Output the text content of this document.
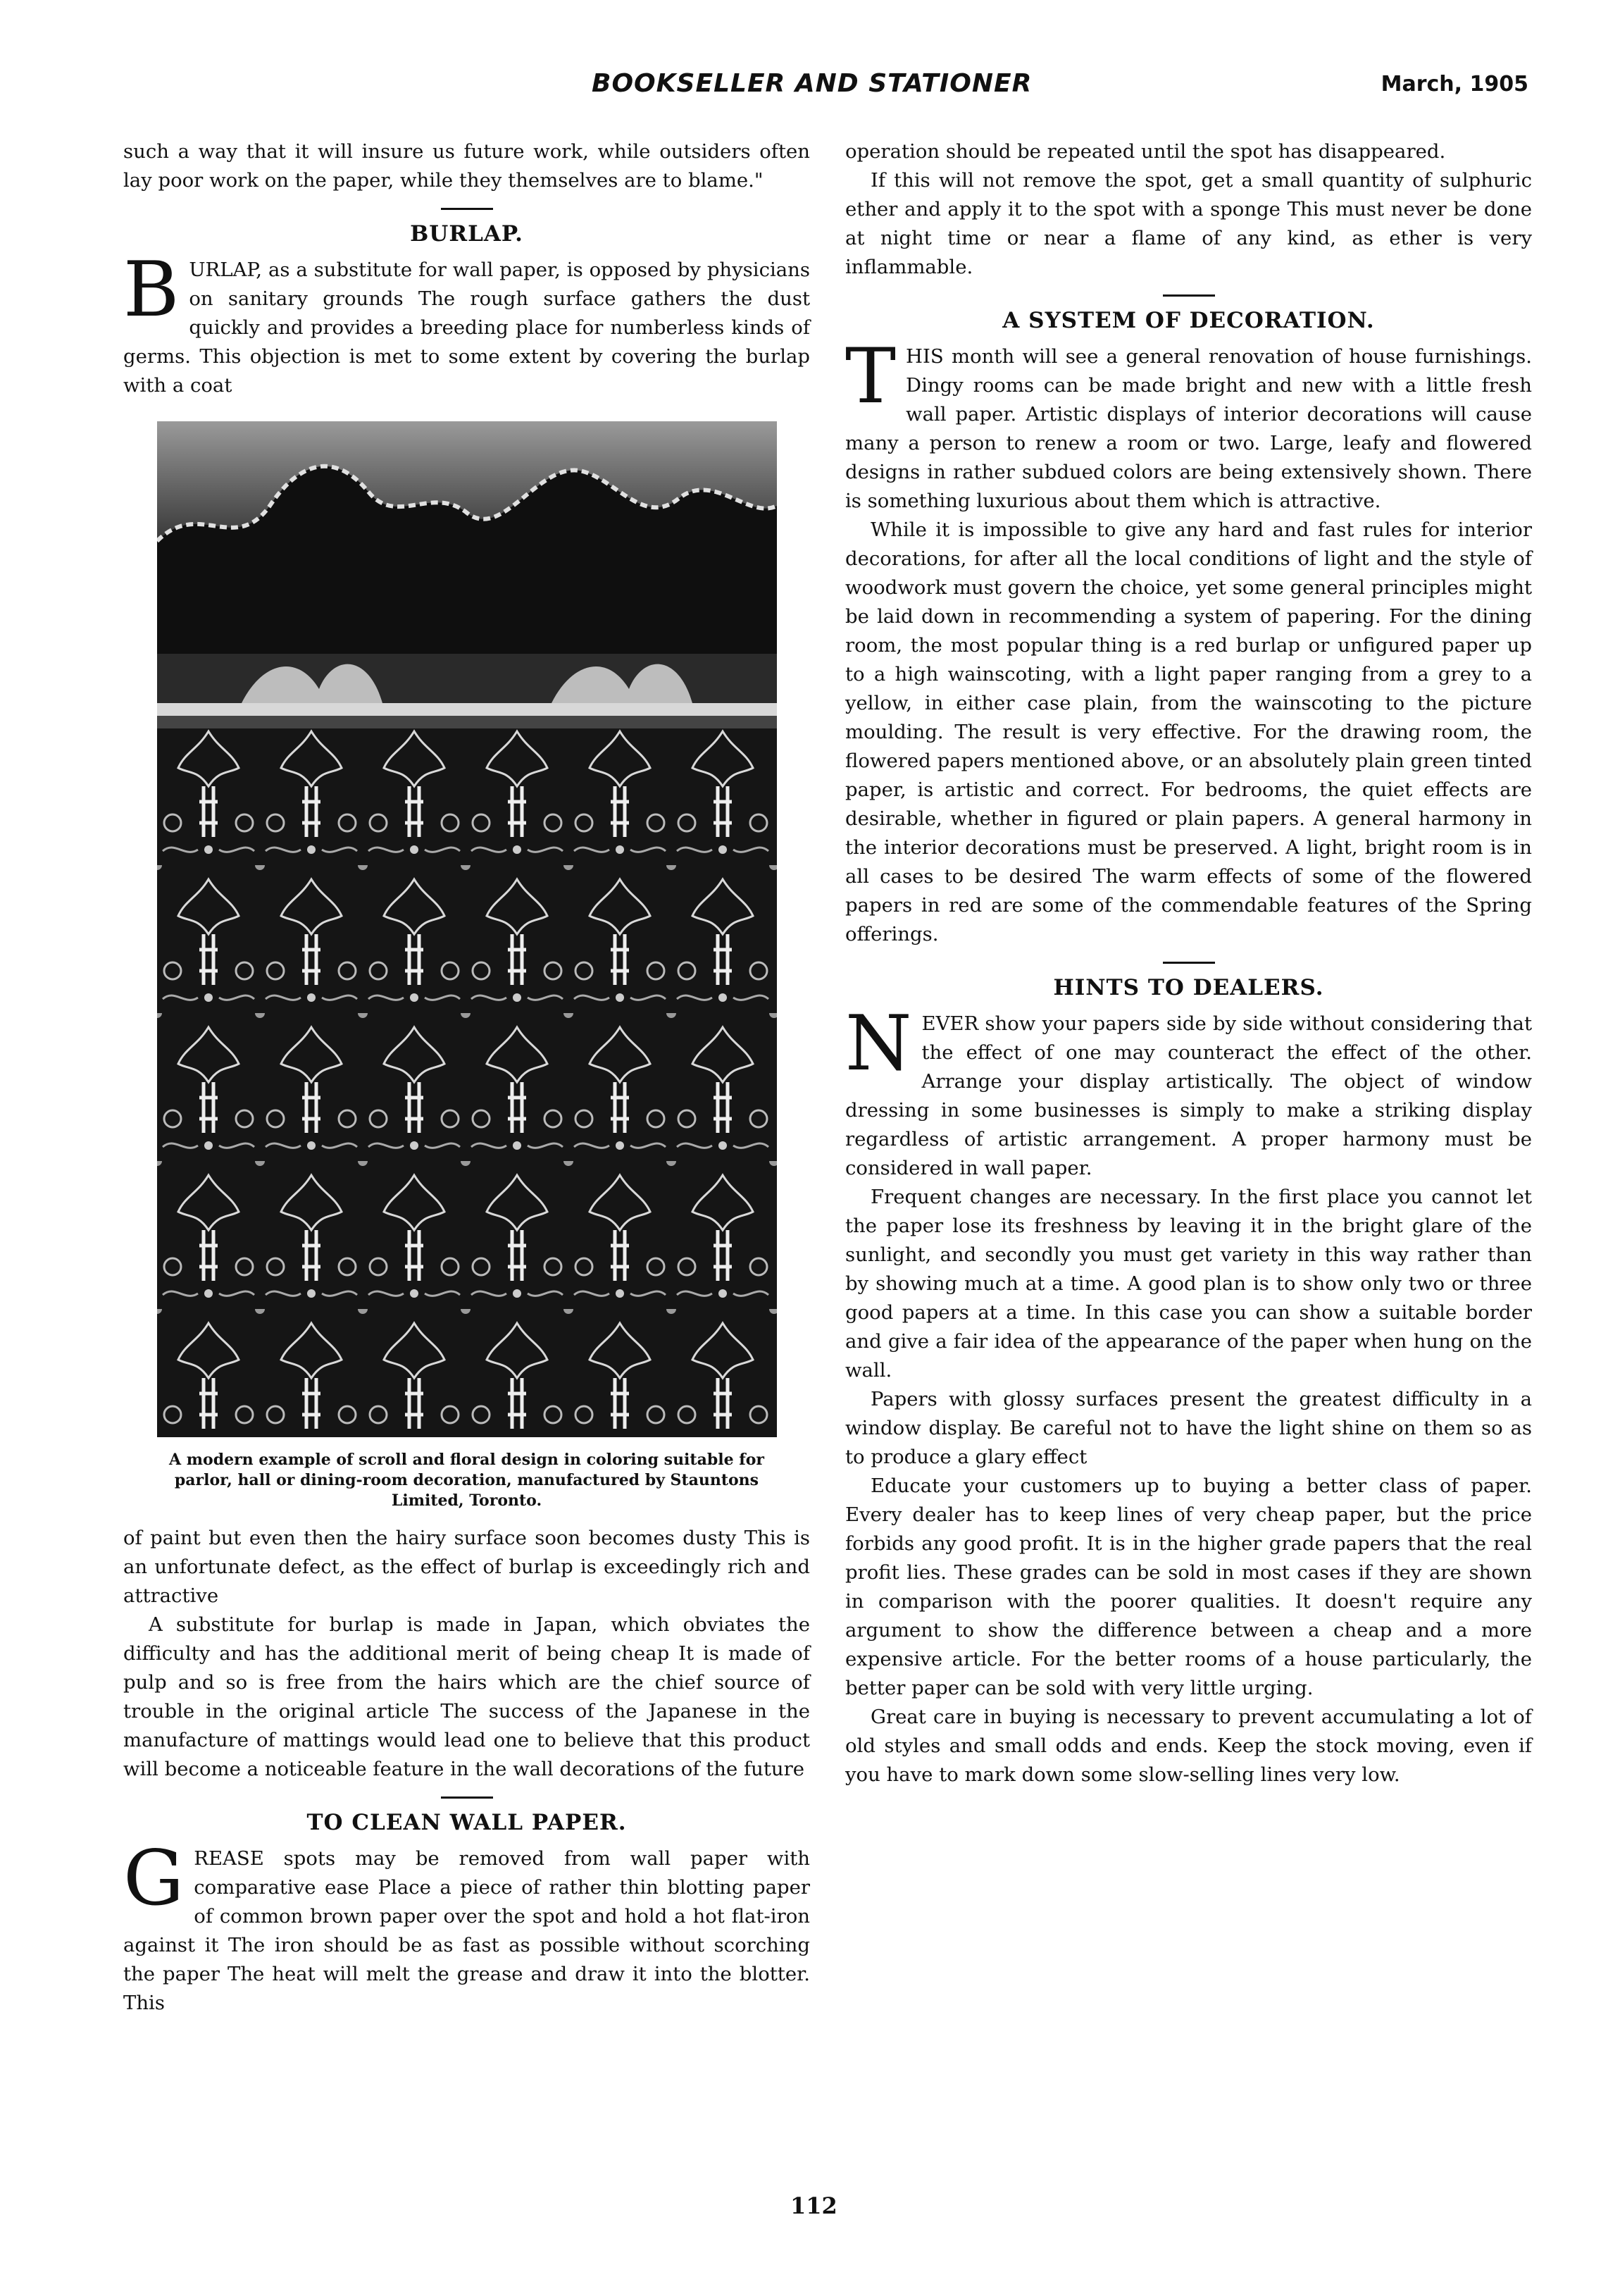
BOOKSELLER AND STATIONER	March, 1905

such a way that it will insure us future work, while outsiders often lay poor work on the paper, while they themselves are to blame."

BURLAP.

BURLAP, as a substitute for wall paper, is opposed by physicians on sanitary grounds The rough surface gathers the dust quickly and provides a breeding place for numberless kinds of germs. This objection is met to some extent by covering the burlap with a coat

A modern example of scroll and floral design in coloring suitable for parlor, hall or dining-room decoration, manufactured by Stauntons Limited, Toronto.

of paint but even then the hairy surface soon becomes dusty This is an unfortunate defect, as the effect of burlap is exceedingly rich and attractive

A substitute for burlap is made in Japan, which obviates the difficulty and has the additional merit of being cheap It is made of pulp and so is free from the hairs which are the chief source of trouble in the original article The success of the Japanese in the manufacture of mattings would lead one to believe that this product will become a noticeable feature in the wall decorations of the future

TO CLEAN WALL PAPER.

GREASE spots may be removed from wall paper with comparative ease Place a piece of rather thin blotting paper of common brown paper over the spot and hold a hot flat-iron against it The iron should be as fast as possible without scorching the paper The heat will melt the grease and draw it into the blotter. This

operation should be repeated until the spot has disappeared.

If this will not remove the spot, get a small quantity of sulphuric ether and apply it to the spot with a sponge This must never be done at night time or near a flame of any kind, as ether is very inflammable.

A SYSTEM OF DECORATION.

THIS month will see a general renovation of house furnishings. Dingy rooms can be made bright and new with a little fresh wall paper. Artistic displays of interior decorations will cause many a person to renew a room or two. Large, leafy and flowered designs in rather subdued colors are being extensively shown. There is something luxurious about them which is attractive.

While it is impossible to give any hard and fast rules for interior decorations, for after all the local conditions of light and the style of woodwork must govern the choice, yet some general principles might be laid down in recommending a system of papering. For the dining room, the most popular thing is a red burlap or unfigured paper up to a high wainscoting, with a light paper ranging from a grey to a yellow, in either case plain, from the wainscoting to the picture moulding. The result is very effective. For the drawing room, the flowered papers mentioned above, or an absolutely plain green tinted paper, is artistic and correct. For bedrooms, the quiet effects are desirable, whether in figured or plain papers. A general harmony in the interior decorations must be preserved. A light, bright room is in all cases to be desired The warm effects of some of the flowered papers in red are some of the commendable features of the Spring offerings.

HINTS TO DEALERS.

NEVER show your papers side by side without considering that the effect of one may counteract the effect of the other. Arrange your display artistically. The object of window dressing in some businesses is simply to make a striking display regardless of artistic arrangement. A proper harmony must be considered in wall paper.

Frequent changes are necessary. In the first place you cannot let the paper lose its freshness by leaving it in the bright glare of the sunlight, and secondly you must get variety in this way rather than by showing much at a time. A good plan is to show only two or three good papers at a time. In this case you can show a suitable border and give a fair idea of the appearance of the paper when hung on the wall.

Papers with glossy surfaces present the greatest difficulty in a window display. Be careful not to have the light shine on them so as to produce a glary effect

Educate your customers up to buying a better class of paper. Every dealer has to keep lines of very cheap paper, but the price forbids any good profit. It is in the higher grade papers that the real profit lies. These grades can be sold in most cases if they are shown in comparison with the poorer qualities. It doesn't require any argument to show the difference between a cheap and a more expensive article. For the better rooms of a house particularly, the better paper can be sold with very little urging.

Great care in buying is necessary to prevent accumulating a lot of old styles and small odds and ends. Keep the stock moving, even if you have to mark down some slow-selling lines very low.

112
